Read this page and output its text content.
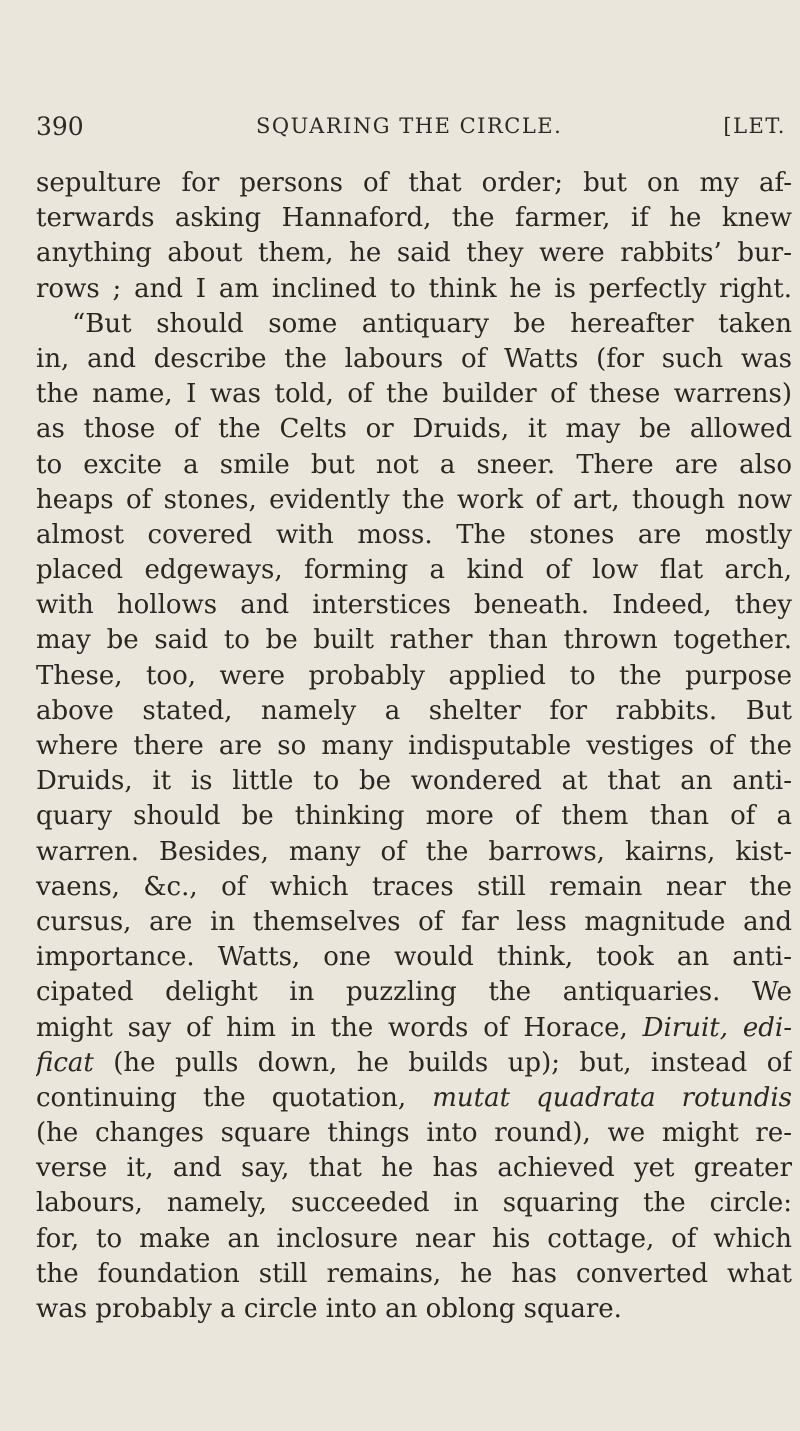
390	SQUARING THE CIRCLE.	[LET.
sepulture for persons of that order; but on my af-
terwards asking Hannaford, the farmer, if he knew
anything about them, he said they were rabbits’ bur-
rows ; and I am inclined to think he is perfectly right.
“But should some antiquary be hereafter taken
in, and describe the labours of Watts (for such was
the name, I was told, of the builder of these warrens)
as those of the Celts or Druids, it may be allowed
to excite a smile but not a sneer. There are also
heaps of stones, evidently the work of art, though now
almost covered with moss. The stones are mostly
placed edgeways, forming a kind of low flat arch,
with hollows and interstices beneath. Indeed, they
may be said to be built rather than thrown together.
These, too, were probably applied to the purpose
above stated, namely a shelter for rabbits. But
where there are so many indisputable vestiges of the
Druids, it is little to be wondered at that an anti-
quary should be thinking more of them than of a
warren. Besides, many of the barrows, kairns, kist-
vaens, &c., of which traces still remain near the
cursus, are in themselves of far less magnitude and
importance. Watts, one would think, took an anti-
cipated delight in puzzling the antiquaries. We
might say of him in the words of Horace, Diruit, edi-
ficat (he pulls down, he builds up); but, instead of
continuing the quotation, mutat quadrata rotundis
(he changes square things into round), we might re-
verse it, and say, that he has achieved yet greater
labours, namely, succeeded in squaring the circle:
for, to make an inclosure near his cottage, of which
the foundation still remains, he has converted what
was probably a circle into an oblong square.
